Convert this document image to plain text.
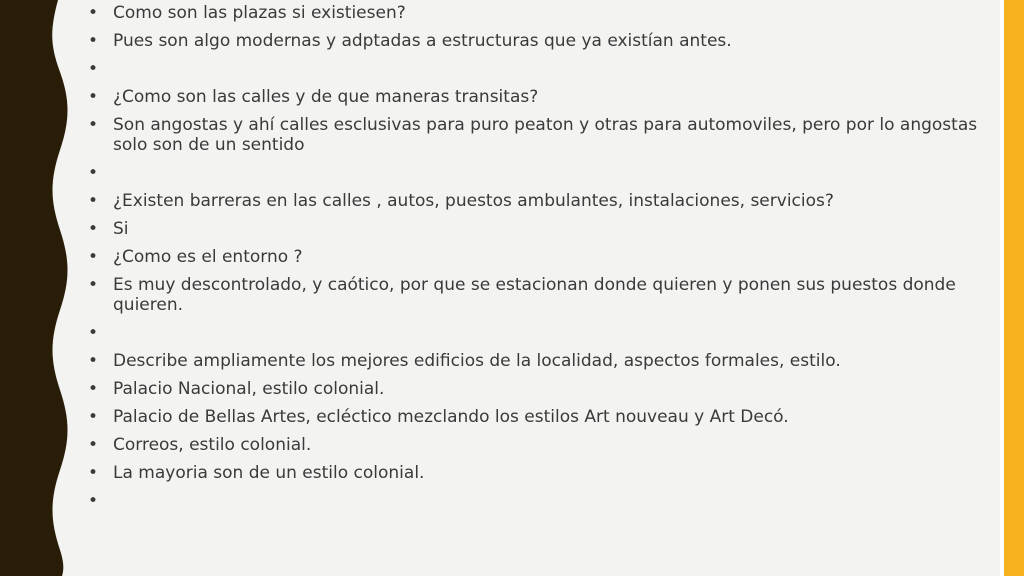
• Como son las plazas si existiesen?
• Pues son algo modernas y adptadas a estructuras que ya existían antes.
•
• ¿Como son las calles y de que maneras transitas?
• Son angostas y ahí calles esclusivas para puro peaton y otras para automoviles, pero por lo angostas solo son de un sentido
•
• ¿Existen barreras en las calles , autos, puestos ambulantes, instalaciones, servicios?
• Si
• ¿Como es el entorno ?
• Es muy descontrolado, y caótico, por que se estacionan donde quieren y ponen sus puestos donde quieren.
•
• Describe ampliamente los mejores edificios de la localidad, aspectos formales, estilo.
• Palacio Nacional, estilo colonial.
• Palacio de Bellas Artes, ecléctico mezclando los estilos Art nouveau y Art Decó.
• Correos, estilo colonial.
• La mayoria son de un estilo colonial.
•
